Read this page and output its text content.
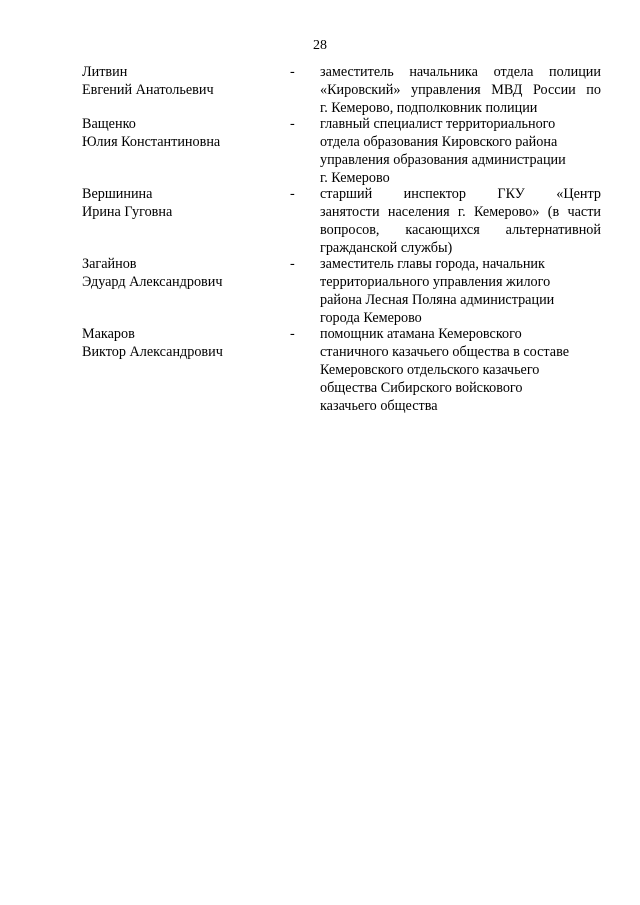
28
Литвин
Евгений Анатольевич
-	заместитель начальника отдела полиции
«Кировский» управления МВД России по
г. Кемерово, подполковник полиции
Ващенко
Юлия Константиновна
-	главный специалист территориального
отдела образования Кировского района
управления образования администрации
г. Кемерово
Вершинина
Ирина Гуговна
-	старший инспектор ГКУ «Центр
занятости населения г. Кемерово» (в части
вопросов, касающихся альтернативной
гражданской службы)
Загайнов
Эдуард Александрович
-	заместитель главы города, начальник
территориального управления жилого
района Лесная Поляна администрации
города Кемерово
Макаров
Виктор Александрович
-	помощник атамана Кемеровского
станичного казачьего общества в составе
Кемеровского отдельского казачьего
общества Сибирского войскового
казачьего общества
